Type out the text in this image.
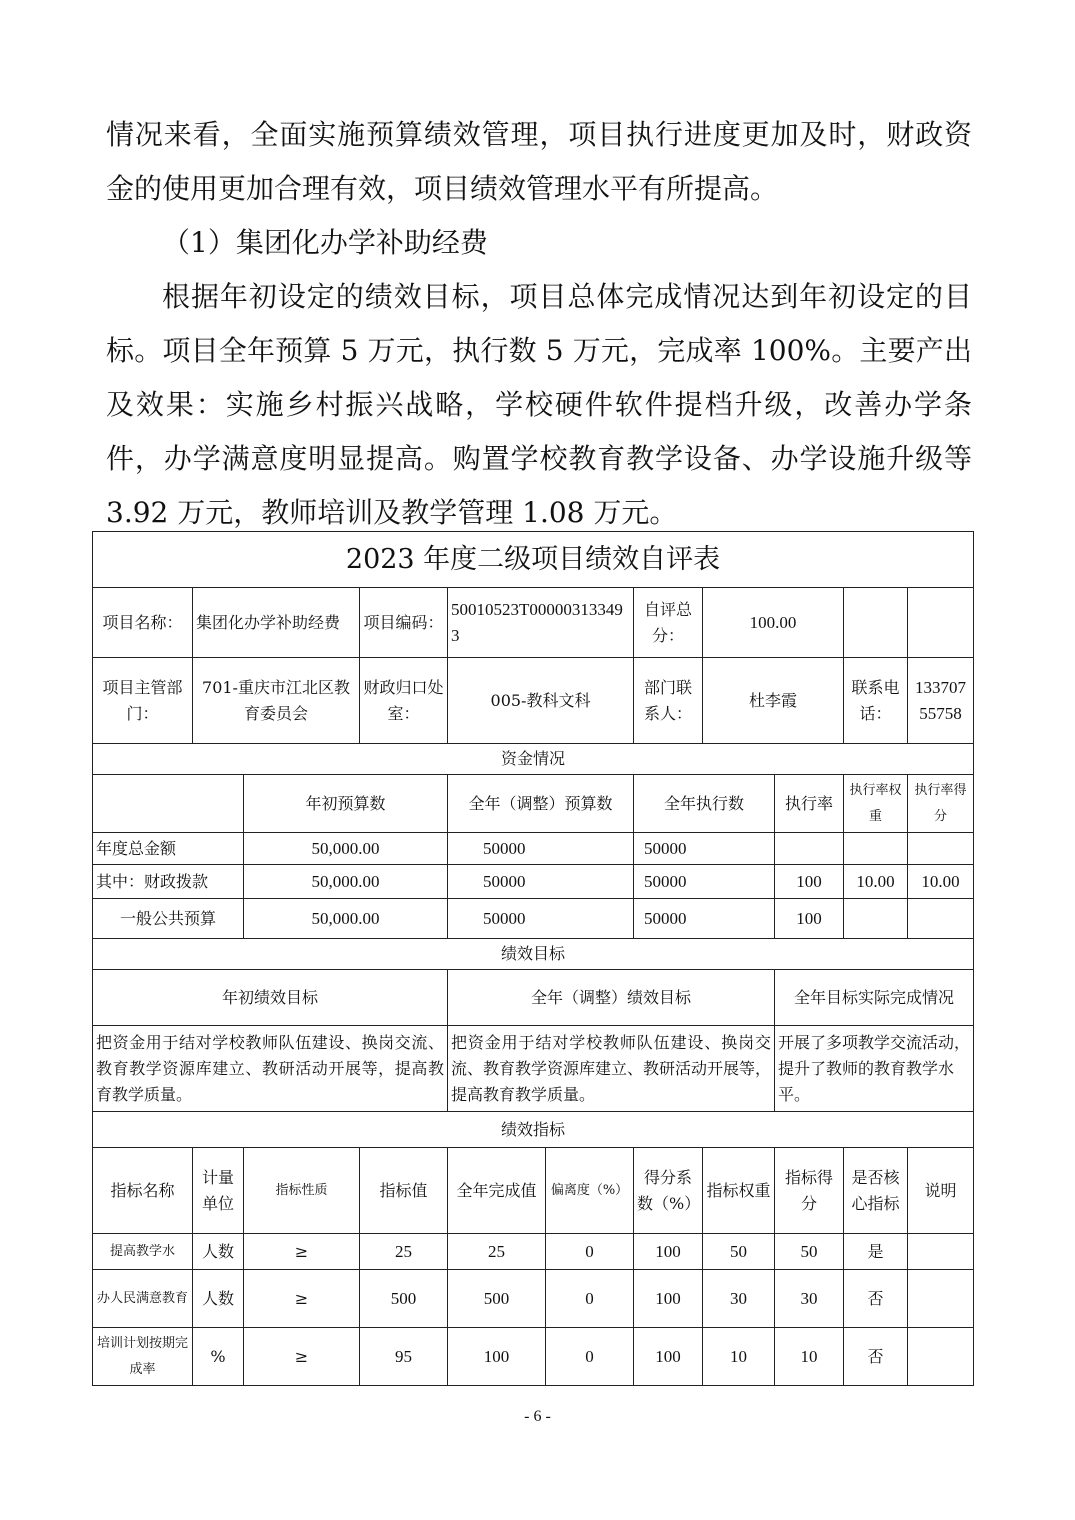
情况来看，全面实施预算绩效管理，项目执行进度更加及时，财政资金的使用更加合理有效，项目绩效管理水平有所提高。

（1）集团化办学补助经费

根据年初设定的绩效目标，项目总体完成情况达到年初设定的目标。项目全年预算 5 万元，执行数 5 万元，完成率 100%。主要产出及效果：实施乡村振兴战略，学校硬件软件提档升级，改善办学条件，办学满意度明显提高。购置学校教育教学设备、办学设施升级等 3.92 万元，教师培训及教学管理 1.08 万元。

2023 年度二级项目绩效自评表										
项目名称：	集团化办学补助经费		项目编码：	50010523T000003133493		自评总分：	100.00			
项目主管部门：	701-重庆市江北区教育委员会		财政归口处室：	005-教科文科		部门联系人：	杜李霞		联系电话：	13370755758
资金情况										
		年初预算数		全年（调整）预算数		全年执行数		执行率	执行率权重	执行率得分
年度总金额		50,000.00		50000		50000				
其中：财政拨款		50,000.00		50000		50000		100	10.00	10.00
一般公共预算		50,000.00		50000		50000		100		
绩效目标										
年初绩效目标				全年（调整）绩效目标				全年目标实际完成情况		
把资金用于结对学校教师队伍建设、换岗交流、教育教学资源库建立、教研活动开展等，提高教育教学质量。				把资金用于结对学校教师队伍建设、换岗交流、教育教学资源库建立、教研活动开展等，提高教育教学质量。				开展了多项教学交流活动，提升了教师的教育教学水平。		
绩效指标										
指标名称	计量单位	指标性质	指标值	全年完成值	偏离度（%）	得分系数（%）	指标权重	指标得分	是否核心指标	说明
提高教学水	人数	≥	25	25	0	100	50	50	是	
办人民满意教育	人数	≥	500	500	0	100	30	30	否	
培训计划按期完成率	%	≥	95	100	0	100	10	10	否	
- 6 -
